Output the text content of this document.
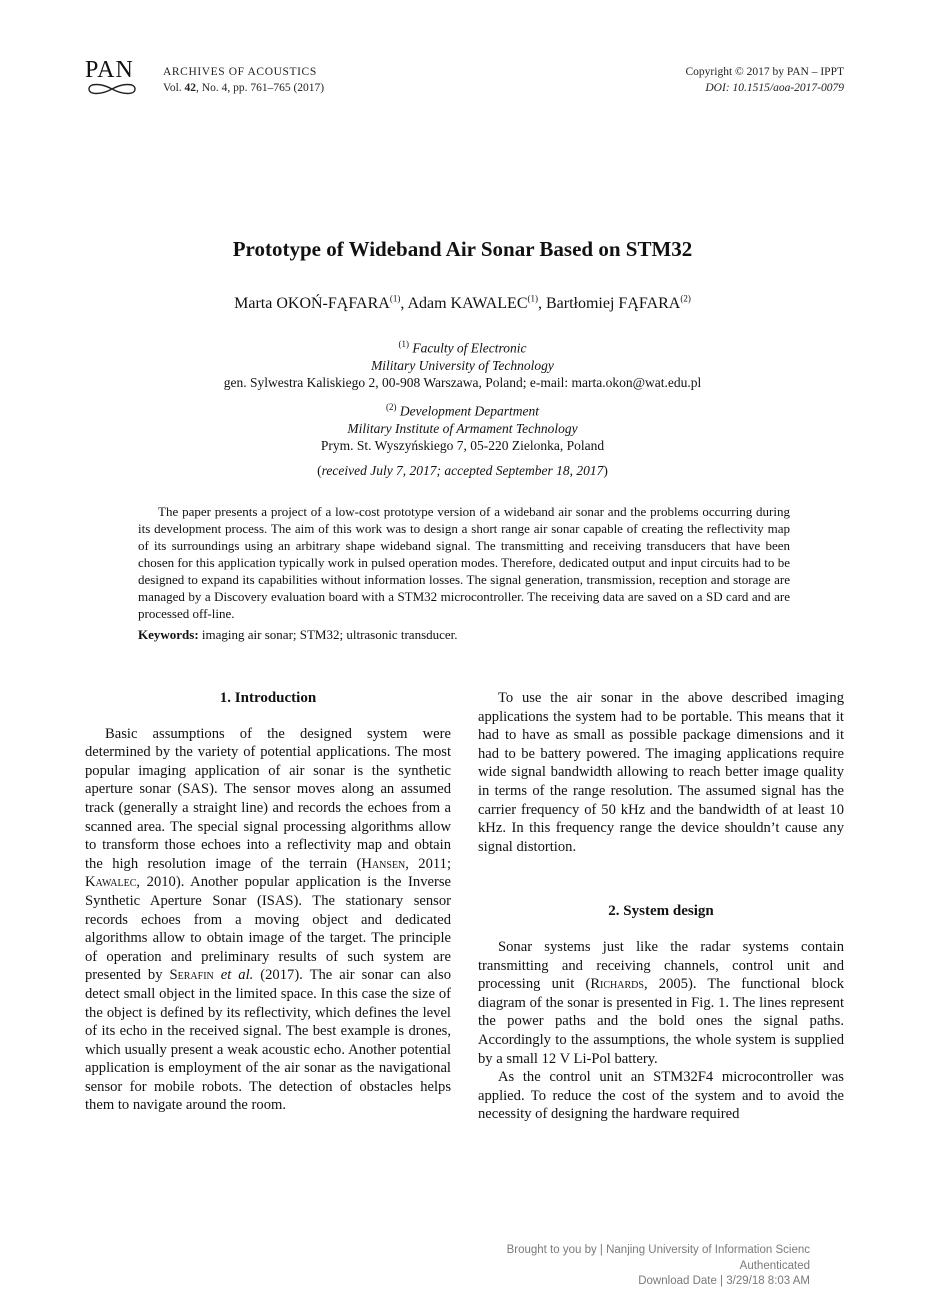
PAN	ARCHIVES OF ACOUSTICS
Vol. 42, No. 4, pp. 761–765 (2017)
Copyright © 2017 by PAN – IPPT
DOI: 10.1515/aoa-2017-0079
Prototype of Wideband Air Sonar Based on STM32
Marta OKOŃ-FĄFARA$^{(1)}$, Adam KAWALEC$^{(1)}$, Bartłomiej FĄFARA$^{(2)}$
$^{(1)}$ Faculty of Electronic
Military University of Technology
gen. Sylwestra Kaliskiego 2, 00-908 Warszawa, Poland; e-mail: marta.okon@wat.edu.pl
$^{(2)}$ Development Department
Military Institute of Armament Technology
Prym. St. Wyszyńskiego 7, 05-220 Zielonka, Poland
(received July 7, 2017; accepted September 18, 2017)

The paper presents a project of a low-cost prototype version of a wideband air sonar and the problems occurring during its development process. The aim of this work was to design a short range air sonar capable of creating the reflectivity map of its surroundings using an arbitrary shape wideband signal. The transmitting and receiving transducers that have been chosen for this application typically work in pulsed operation modes. Therefore, dedicated output and input circuits had to be designed to expand its capabilities without information losses. The signal generation, transmission, reception and storage are managed by a Discovery evaluation board with a STM32 microcontroller. The receiving data are saved on a SD card and are processed off-line.

Keywords: imaging air sonar; STM32; ultrasonic transducer.

1. Introduction

Basic assumptions of the designed system were determined by the variety of potential applications. The most popular imaging application of air sonar is the synthetic aperture sonar (SAS). The sensor moves along an assumed track (generally a straight line) and records the echoes from a scanned area. The special signal processing algorithms allow to transform those echoes into a reflectivity map and obtain the high resolution image of the terrain (Hansen, 2011; Kawalec, 2010). Another popular application is the Inverse Synthetic Aperture Sonar (ISAS). The stationary sensor records echoes from a moving object and dedicated algorithms allow to obtain image of the target. The principle of operation and preliminary results of such system are presented by Serafin et al. (2017). The air sonar can also detect small object in the limited space. In this case the size of the object is defined by its reflectivity, which defines the level of its echo in the received signal. The best example is drones, which usually present a weak acoustic echo. Another potential application is employment of the air sonar as the navigational sensor for mobile robots. The detection of obstacles helps them to navigate around the room.

To use the air sonar in the above described imaging applications the system had to be portable. This means that it had to have as small as possible package dimensions and it had to be battery powered. The imaging applications require wide signal bandwidth allowing to reach better image quality in terms of the range resolution. The assumed signal has the carrier frequency of 50 kHz and the bandwidth of at least 10 kHz. In this frequency range the device shouldn’t cause any signal distortion.

2. System design

Sonar systems just like the radar systems contain transmitting and receiving channels, control unit and processing unit (Richards, 2005). The functional block diagram of the sonar is presented in Fig. 1. The lines represent the power paths and the bold ones the signal paths. Accordingly to the assumptions, the whole system is supplied by a small 12 V Li-Pol battery.

As the control unit an STM32F4 microcontroller was applied. To reduce the cost of the system and to avoid the necessity of designing the hardware required

Brought to you by | Nanjing University of Information Scienc
Authenticated
Download Date | 3/29/18 8:03 AM
